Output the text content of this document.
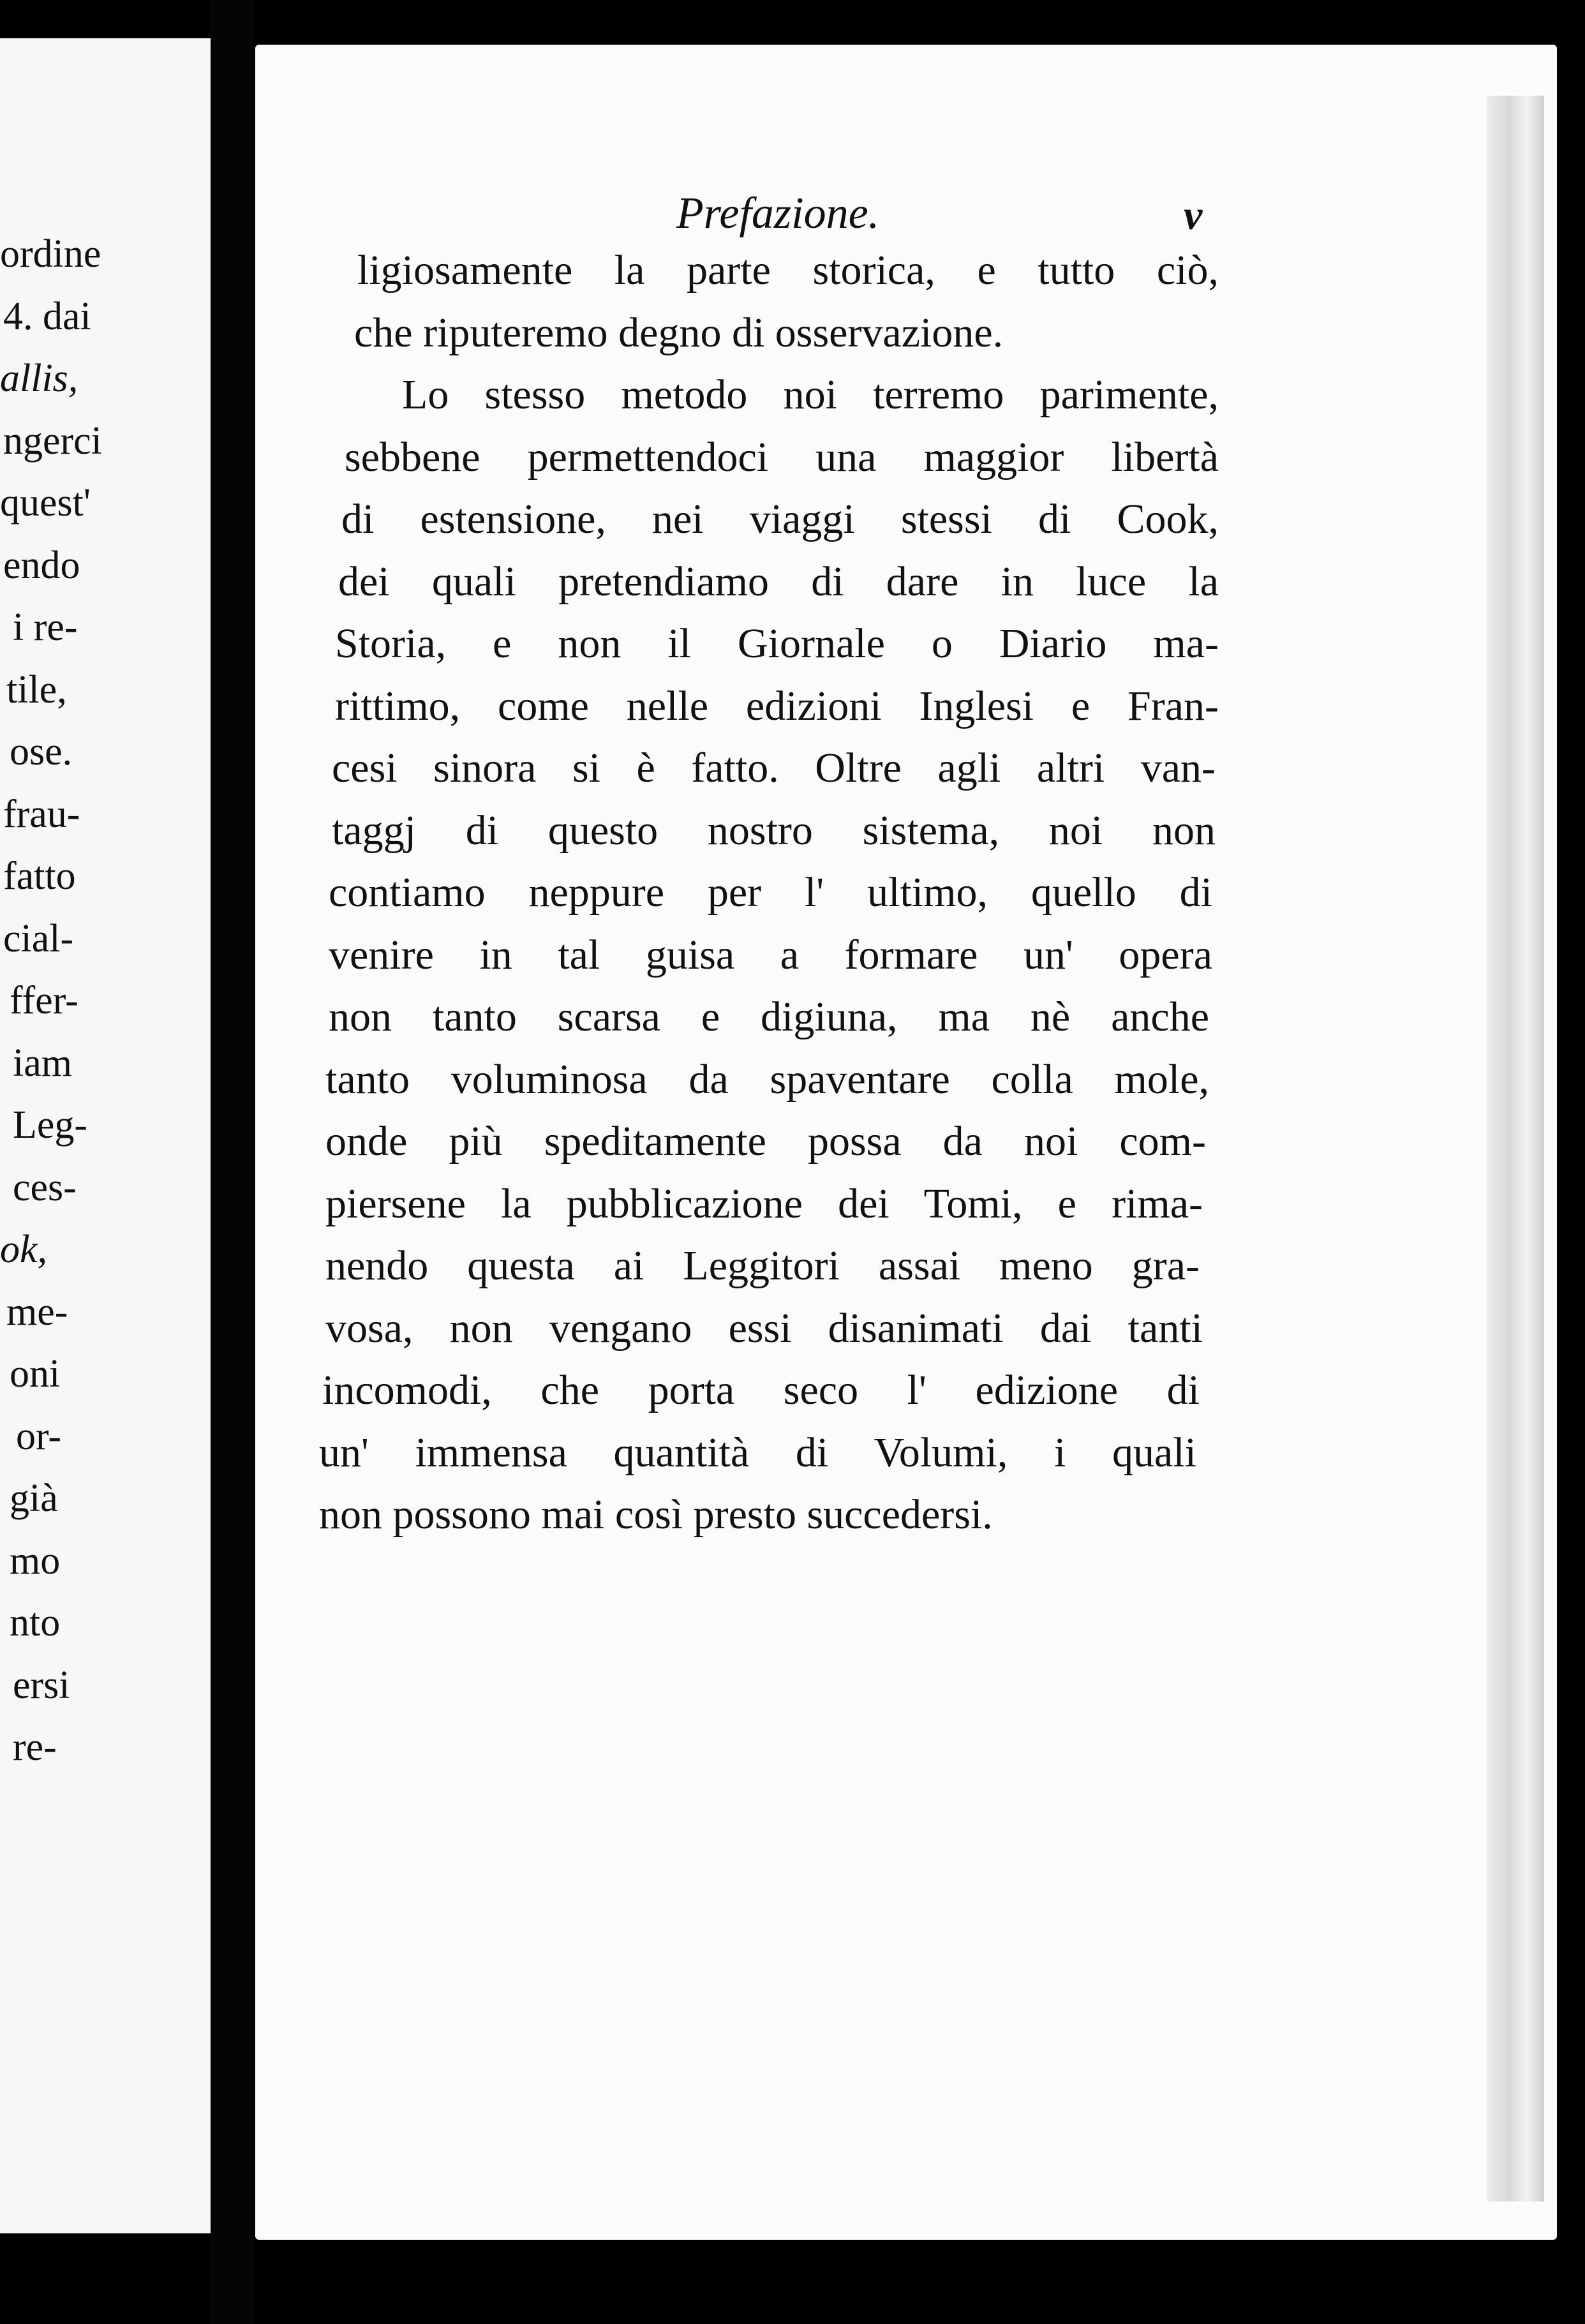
ordine
4. dai
allis,
ngerci
quest'
endo
i re-
tile,
ose.
frau-
fatto
cial-
ffer-
iam
Leg-
ces-
ok,
me-
oni
or-
già
mo
nto
ersi
re-
Prefazione.	v
ligiosamente la parte storica, e tutto ciò,
che riputeremo degno di osservazione.
Lo stesso metodo noi terremo parimente,
sebbene permettendoci una maggior libertà
di estensione, nei viaggi stessi di Cook,
dei quali pretendiamo di dare in luce la
Storia, e non il Giornale o Diario ma-
rittimo, come nelle edizioni Inglesi e Fran-
cesi sinora si è fatto. Oltre agli altri van-
taggj di questo nostro sistema, noi non
contiamo neppure per l' ultimo, quello di
venire in tal guisa a formare un' opera
non tanto scarsa e digiuna, ma nè anche
tanto voluminosa da spaventare colla mole,
onde più speditamente possa da noi com-
piersene la pubblicazione dei Tomi, e rima-
nendo questa ai Leggitori assai meno gra-
vosa, non vengano essi disanimati dai tanti
incomodi, che porta seco l' edizione di
un' immensa quantità di Volumi, i quali
non possono mai così presto succedersi.
